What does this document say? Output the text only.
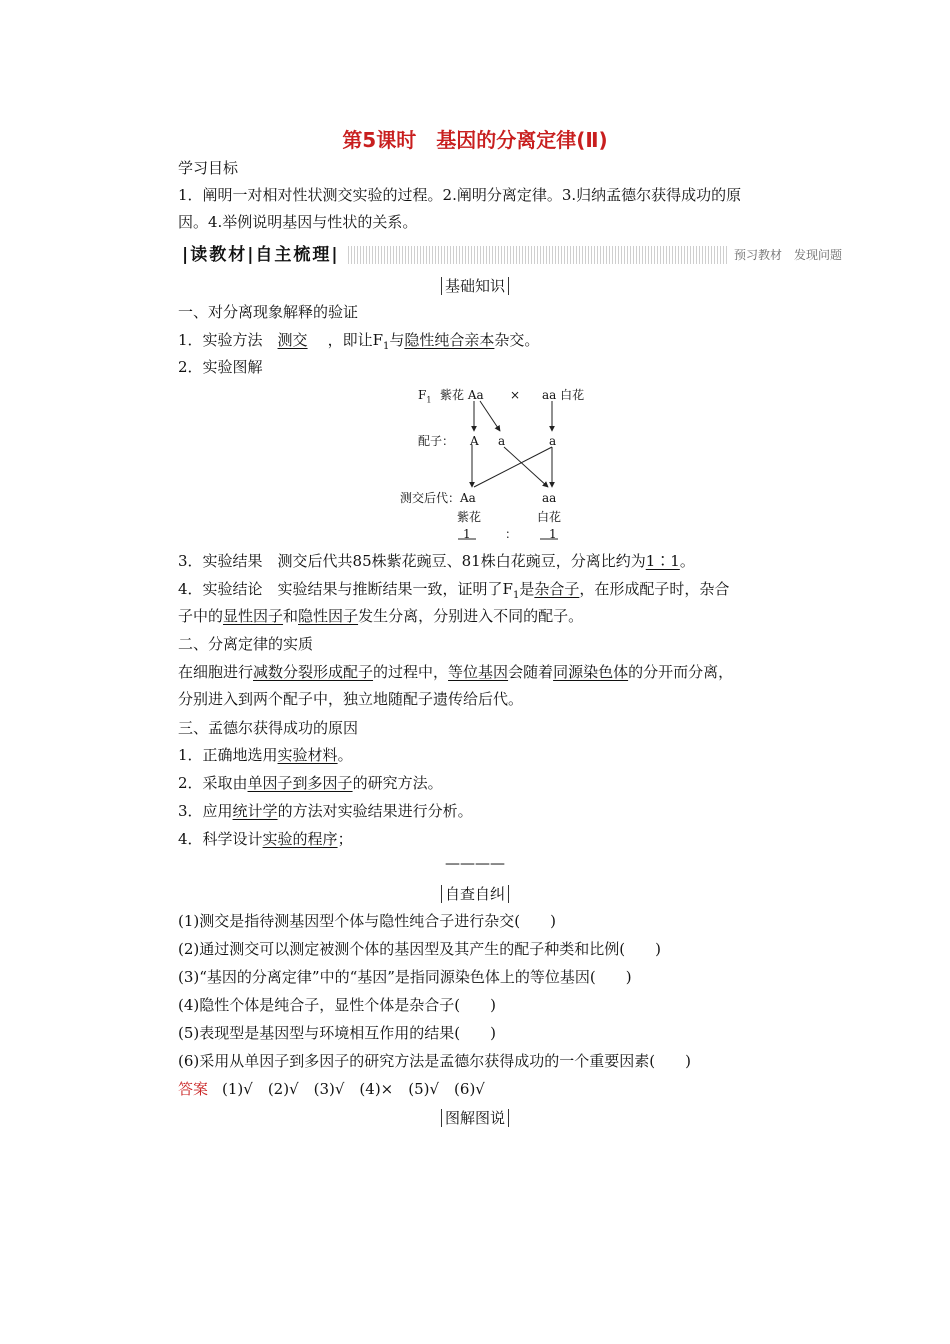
第5课时　基因的分离定律(Ⅱ)
学习目标
1．阐明一对相对性状测交实验的过程。2.阐明分离定律。3.归纳孟德尔获得成功的原
因。4.举例说明基因与性状的关系。
|读教材|自主梳理|	预习教材　发现问题
基础知识
一、对分离现象解释的验证
1．实验方法　测交 ，即让$F_1$与隐性纯合亲本杂交。
2．实验图解
$F_1$ 紫花 Aa × aa 白花
配子： A a	a
测交后代：Aa	aa
紫花	白花
1	：	1
3．实验结果　测交后代共85株紫花豌豆、81株白花豌豆，分离比约为1∶1。
4．实验结论　实验结果与推断结果一致，证明了$F_1$是杂合子，在形成配子时，杂合
子中的显性因子和隐性因子发生分离，分别进入不同的配子。
二、分离定律的实质
在细胞进行减数分裂形成配子的过程中，等位基因会随着同源染色体的分开而分离，
分别进入到两个配子中，独立地随配子遗传给后代。
三、孟德尔获得成功的原因
1．正确地选用实验材料。
2．采取由单因子到多因子的研究方法。
3．应用统计学的方法对实验结果进行分析。
4．科学设计实验的程序；
————
自查自纠
(1)测交是指待测基因型个体与隐性纯合子进行杂交(　　)
(2)通过测交可以测定被测个体的基因型及其产生的配子种类和比例(　　)
(3)“基因的分离定律”中的“基因”是指同源染色体上的等位基因(　　)
(4)隐性个体是纯合子，显性个体是杂合子(　　)
(5)表现型是基因型与环境相互作用的结果(　　)
(6)采用从单因子到多因子的研究方法是孟德尔获得成功的一个重要因素(　　)
答案 (1)√　(2)√　(3)√　(4)×　(5)√　(6)√
图解图说
